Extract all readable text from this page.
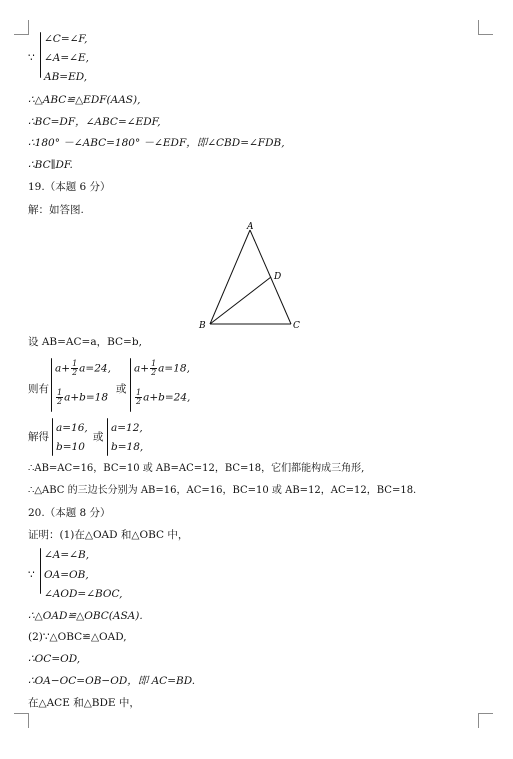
∵
∠C=∠F,
∠A=∠E,
AB=ED,
∴△ABC≌△EDF(AAS),
∴BC=DF，∠ABC=∠EDF,
∴180° －∠ABC=180° －∠EDF，即∠CBD=∠FDB,
∴BC∥DF.
19.（本题 6 分）
解：如答图.
A
B	C
D
设 AB=AC=a，BC=b,
则有
$a+ \frac{1}{2} a=24$,
$\frac{1}{2} a+b=18$
或
$a+ \frac{1}{2} a=18$,
$\frac{1}{2} a+b=24$,
解得
a=16,
b=10
或
a=12,
b=18,
∴AB=AC=16，BC=10 或 AB=AC=12，BC=18，它们都能构成三角形,
∴△ABC 的三边长分别为 AB=16，AC=16，BC=10 或 AB=12，AC=12，BC=18.
20.（本题 8 分）
证明：(1)在△OAD 和△OBC 中，
∵
∠A=∠B,
OA=OB,
∠AOD=∠BOC,
∴△OAD≌△OBC(ASA).
(2)∵△OBC≌△OAD,
∴OC=OD,
∴OA−OC=OB−OD，即 AC=BD.
在△ACE 和△BDE 中，
